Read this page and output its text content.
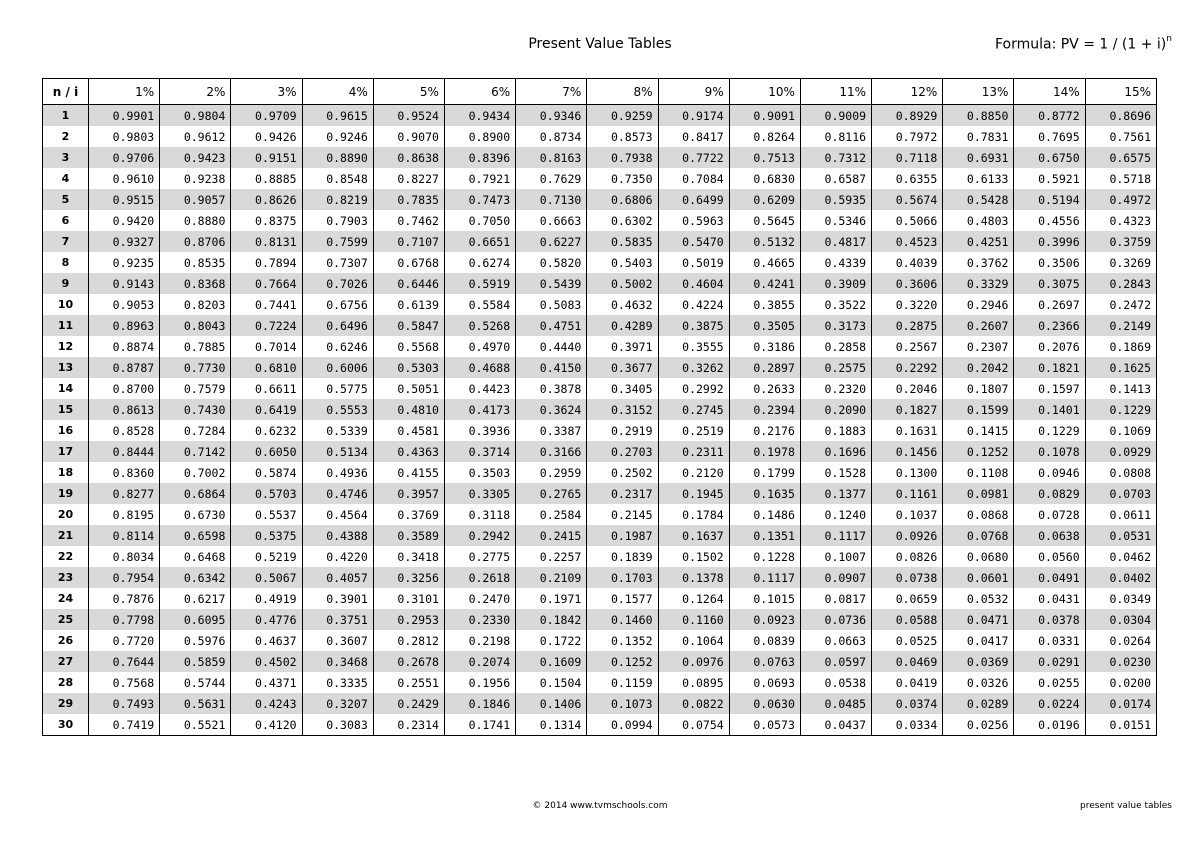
Present Value Tables	Formula: PV = $1 / (1 + i)^n$
n / i	1%	2%	3%	4%	5%	6%	7%	8%	9%	10%	11%	12%	13%	14%	15%
1	0.9901	0.9804	0.9709	0.9615	0.9524	0.9434	0.9346	0.9259	0.9174	0.9091	0.9009	0.8929	0.8850	0.8772	0.8696
2	0.9803	0.9612	0.9426	0.9246	0.9070	0.8900	0.8734	0.8573	0.8417	0.8264	0.8116	0.7972	0.7831	0.7695	0.7561
3	0.9706	0.9423	0.9151	0.8890	0.8638	0.8396	0.8163	0.7938	0.7722	0.7513	0.7312	0.7118	0.6931	0.6750	0.6575
4	0.9610	0.9238	0.8885	0.8548	0.8227	0.7921	0.7629	0.7350	0.7084	0.6830	0.6587	0.6355	0.6133	0.5921	0.5718
5	0.9515	0.9057	0.8626	0.8219	0.7835	0.7473	0.7130	0.6806	0.6499	0.6209	0.5935	0.5674	0.5428	0.5194	0.4972
6	0.9420	0.8880	0.8375	0.7903	0.7462	0.7050	0.6663	0.6302	0.5963	0.5645	0.5346	0.5066	0.4803	0.4556	0.4323
7	0.9327	0.8706	0.8131	0.7599	0.7107	0.6651	0.6227	0.5835	0.5470	0.5132	0.4817	0.4523	0.4251	0.3996	0.3759
8	0.9235	0.8535	0.7894	0.7307	0.6768	0.6274	0.5820	0.5403	0.5019	0.4665	0.4339	0.4039	0.3762	0.3506	0.3269
9	0.9143	0.8368	0.7664	0.7026	0.6446	0.5919	0.5439	0.5002	0.4604	0.4241	0.3909	0.3606	0.3329	0.3075	0.2843
10	0.9053	0.8203	0.7441	0.6756	0.6139	0.5584	0.5083	0.4632	0.4224	0.3855	0.3522	0.3220	0.2946	0.2697	0.2472
11	0.8963	0.8043	0.7224	0.6496	0.5847	0.5268	0.4751	0.4289	0.3875	0.3505	0.3173	0.2875	0.2607	0.2366	0.2149
12	0.8874	0.7885	0.7014	0.6246	0.5568	0.4970	0.4440	0.3971	0.3555	0.3186	0.2858	0.2567	0.2307	0.2076	0.1869
13	0.8787	0.7730	0.6810	0.6006	0.5303	0.4688	0.4150	0.3677	0.3262	0.2897	0.2575	0.2292	0.2042	0.1821	0.1625
14	0.8700	0.7579	0.6611	0.5775	0.5051	0.4423	0.3878	0.3405	0.2992	0.2633	0.2320	0.2046	0.1807	0.1597	0.1413
15	0.8613	0.7430	0.6419	0.5553	0.4810	0.4173	0.3624	0.3152	0.2745	0.2394	0.2090	0.1827	0.1599	0.1401	0.1229
16	0.8528	0.7284	0.6232	0.5339	0.4581	0.3936	0.3387	0.2919	0.2519	0.2176	0.1883	0.1631	0.1415	0.1229	0.1069
17	0.8444	0.7142	0.6050	0.5134	0.4363	0.3714	0.3166	0.2703	0.2311	0.1978	0.1696	0.1456	0.1252	0.1078	0.0929
18	0.8360	0.7002	0.5874	0.4936	0.4155	0.3503	0.2959	0.2502	0.2120	0.1799	0.1528	0.1300	0.1108	0.0946	0.0808
19	0.8277	0.6864	0.5703	0.4746	0.3957	0.3305	0.2765	0.2317	0.1945	0.1635	0.1377	0.1161	0.0981	0.0829	0.0703
20	0.8195	0.6730	0.5537	0.4564	0.3769	0.3118	0.2584	0.2145	0.1784	0.1486	0.1240	0.1037	0.0868	0.0728	0.0611
21	0.8114	0.6598	0.5375	0.4388	0.3589	0.2942	0.2415	0.1987	0.1637	0.1351	0.1117	0.0926	0.0768	0.0638	0.0531
22	0.8034	0.6468	0.5219	0.4220	0.3418	0.2775	0.2257	0.1839	0.1502	0.1228	0.1007	0.0826	0.0680	0.0560	0.0462
23	0.7954	0.6342	0.5067	0.4057	0.3256	0.2618	0.2109	0.1703	0.1378	0.1117	0.0907	0.0738	0.0601	0.0491	0.0402
24	0.7876	0.6217	0.4919	0.3901	0.3101	0.2470	0.1971	0.1577	0.1264	0.1015	0.0817	0.0659	0.0532	0.0431	0.0349
25	0.7798	0.6095	0.4776	0.3751	0.2953	0.2330	0.1842	0.1460	0.1160	0.0923	0.0736	0.0588	0.0471	0.0378	0.0304
26	0.7720	0.5976	0.4637	0.3607	0.2812	0.2198	0.1722	0.1352	0.1064	0.0839	0.0663	0.0525	0.0417	0.0331	0.0264
27	0.7644	0.5859	0.4502	0.3468	0.2678	0.2074	0.1609	0.1252	0.0976	0.0763	0.0597	0.0469	0.0369	0.0291	0.0230
28	0.7568	0.5744	0.4371	0.3335	0.2551	0.1956	0.1504	0.1159	0.0895	0.0693	0.0538	0.0419	0.0326	0.0255	0.0200
29	0.7493	0.5631	0.4243	0.3207	0.2429	0.1846	0.1406	0.1073	0.0822	0.0630	0.0485	0.0374	0.0289	0.0224	0.0174
30	0.7419	0.5521	0.4120	0.3083	0.2314	0.1741	0.1314	0.0994	0.0754	0.0573	0.0437	0.0334	0.0256	0.0196	0.0151
© 2014 www.tvmschools.com	present value tables
